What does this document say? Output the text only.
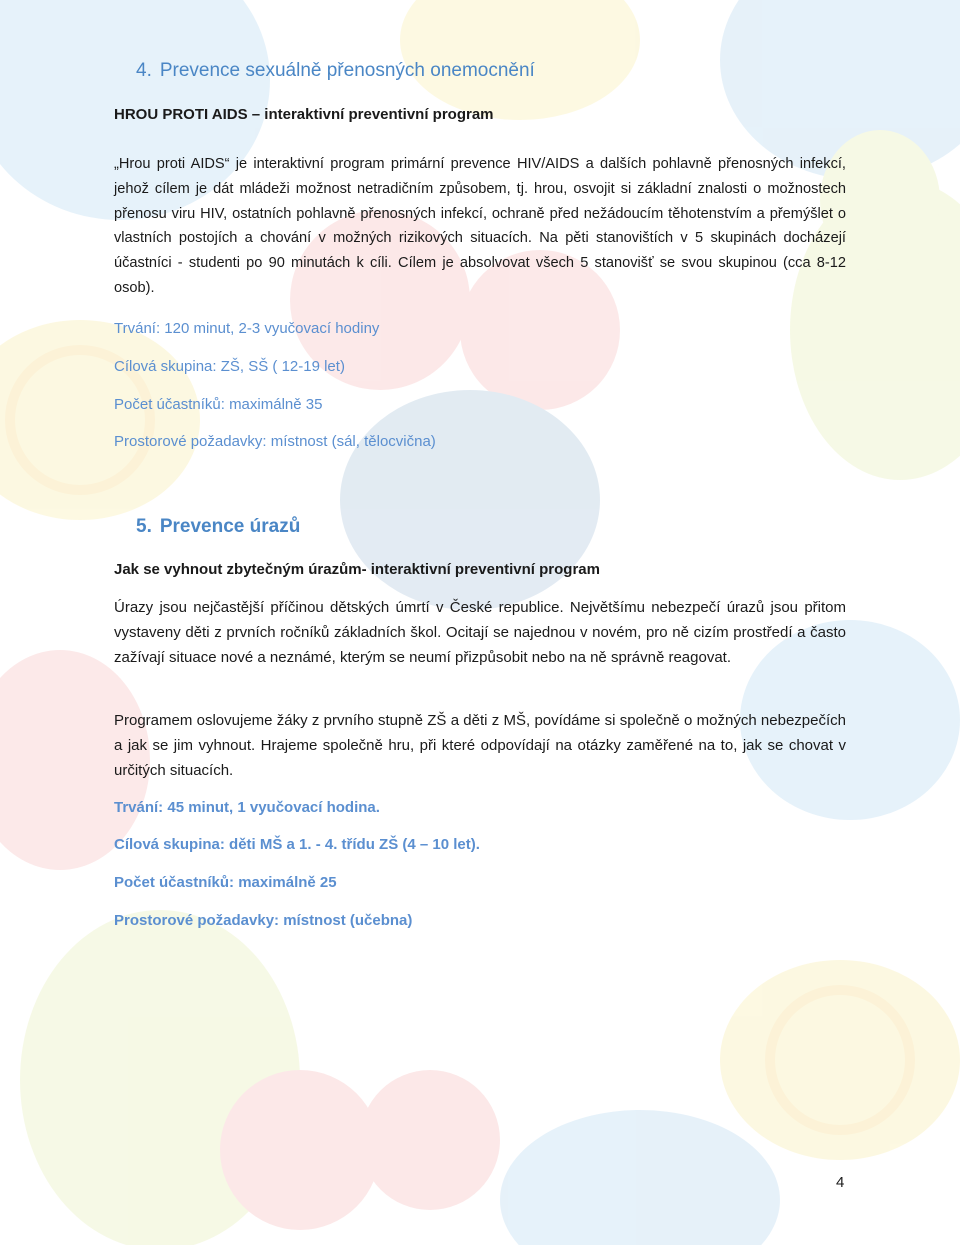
4. Prevence sexuálně přenosných onemocnění

HROU PROTI AIDS – interaktivní preventivní program

„Hrou proti AIDS“ je interaktivní program primární prevence HIV/AIDS a dalších pohlavně přenosných infekcí, jehož cílem je dát mládeži možnost netradičním způsobem, tj. hrou, osvojit si základní znalosti o možnostech přenosu viru HIV, ostatních pohlavně přenosných infekcí, ochraně před nežádoucím těhotenstvím a přemýšlet o vlastních postojích a chování v možných rizikových situacích. Na pěti stanovištích v 5 skupinách docházejí účastníci - studenti po 90 minutách k cíli. Cílem je absolvovat všech 5 stanovišť se svou skupinou (cca 8-12 osob).

Trvání: 120 minut, 2-3 vyučovací hodiny

Cílová skupina: ZŠ, SŠ ( 12-19 let)

Počet účastníků: maximálně 35

Prostorové požadavky: místnost (sál, tělocvična)

5. Prevence úrazů

Jak se vyhnout zbytečným úrazům- interaktivní preventivní program

Úrazy jsou nejčastější příčinou dětských úmrtí v České republice. Největšímu nebezpečí úrazů jsou přitom vystaveny děti z prvních ročníků základních škol. Ocitají se najednou v novém, pro ně cizím prostředí a často zažívají situace nové a neznámé, kterým se neumí přizpůsobit nebo na ně správně reagovat.

Programem oslovujeme žáky z prvního stupně ZŠ a děti z MŠ, povídáme si společně o možných nebezpečích a jak se jim vyhnout. Hrajeme společně hru, při které odpovídají na otázky zaměřené na to, jak se chovat v určitých situacích.

Trvání: 45 minut, 1 vyučovací hodina.

Cílová skupina: děti MŠ a 1. - 4. třídu ZŠ (4 – 10 let).

Počet účastníků: maximálně 25

Prostorové požadavky: místnost (učebna)

4
